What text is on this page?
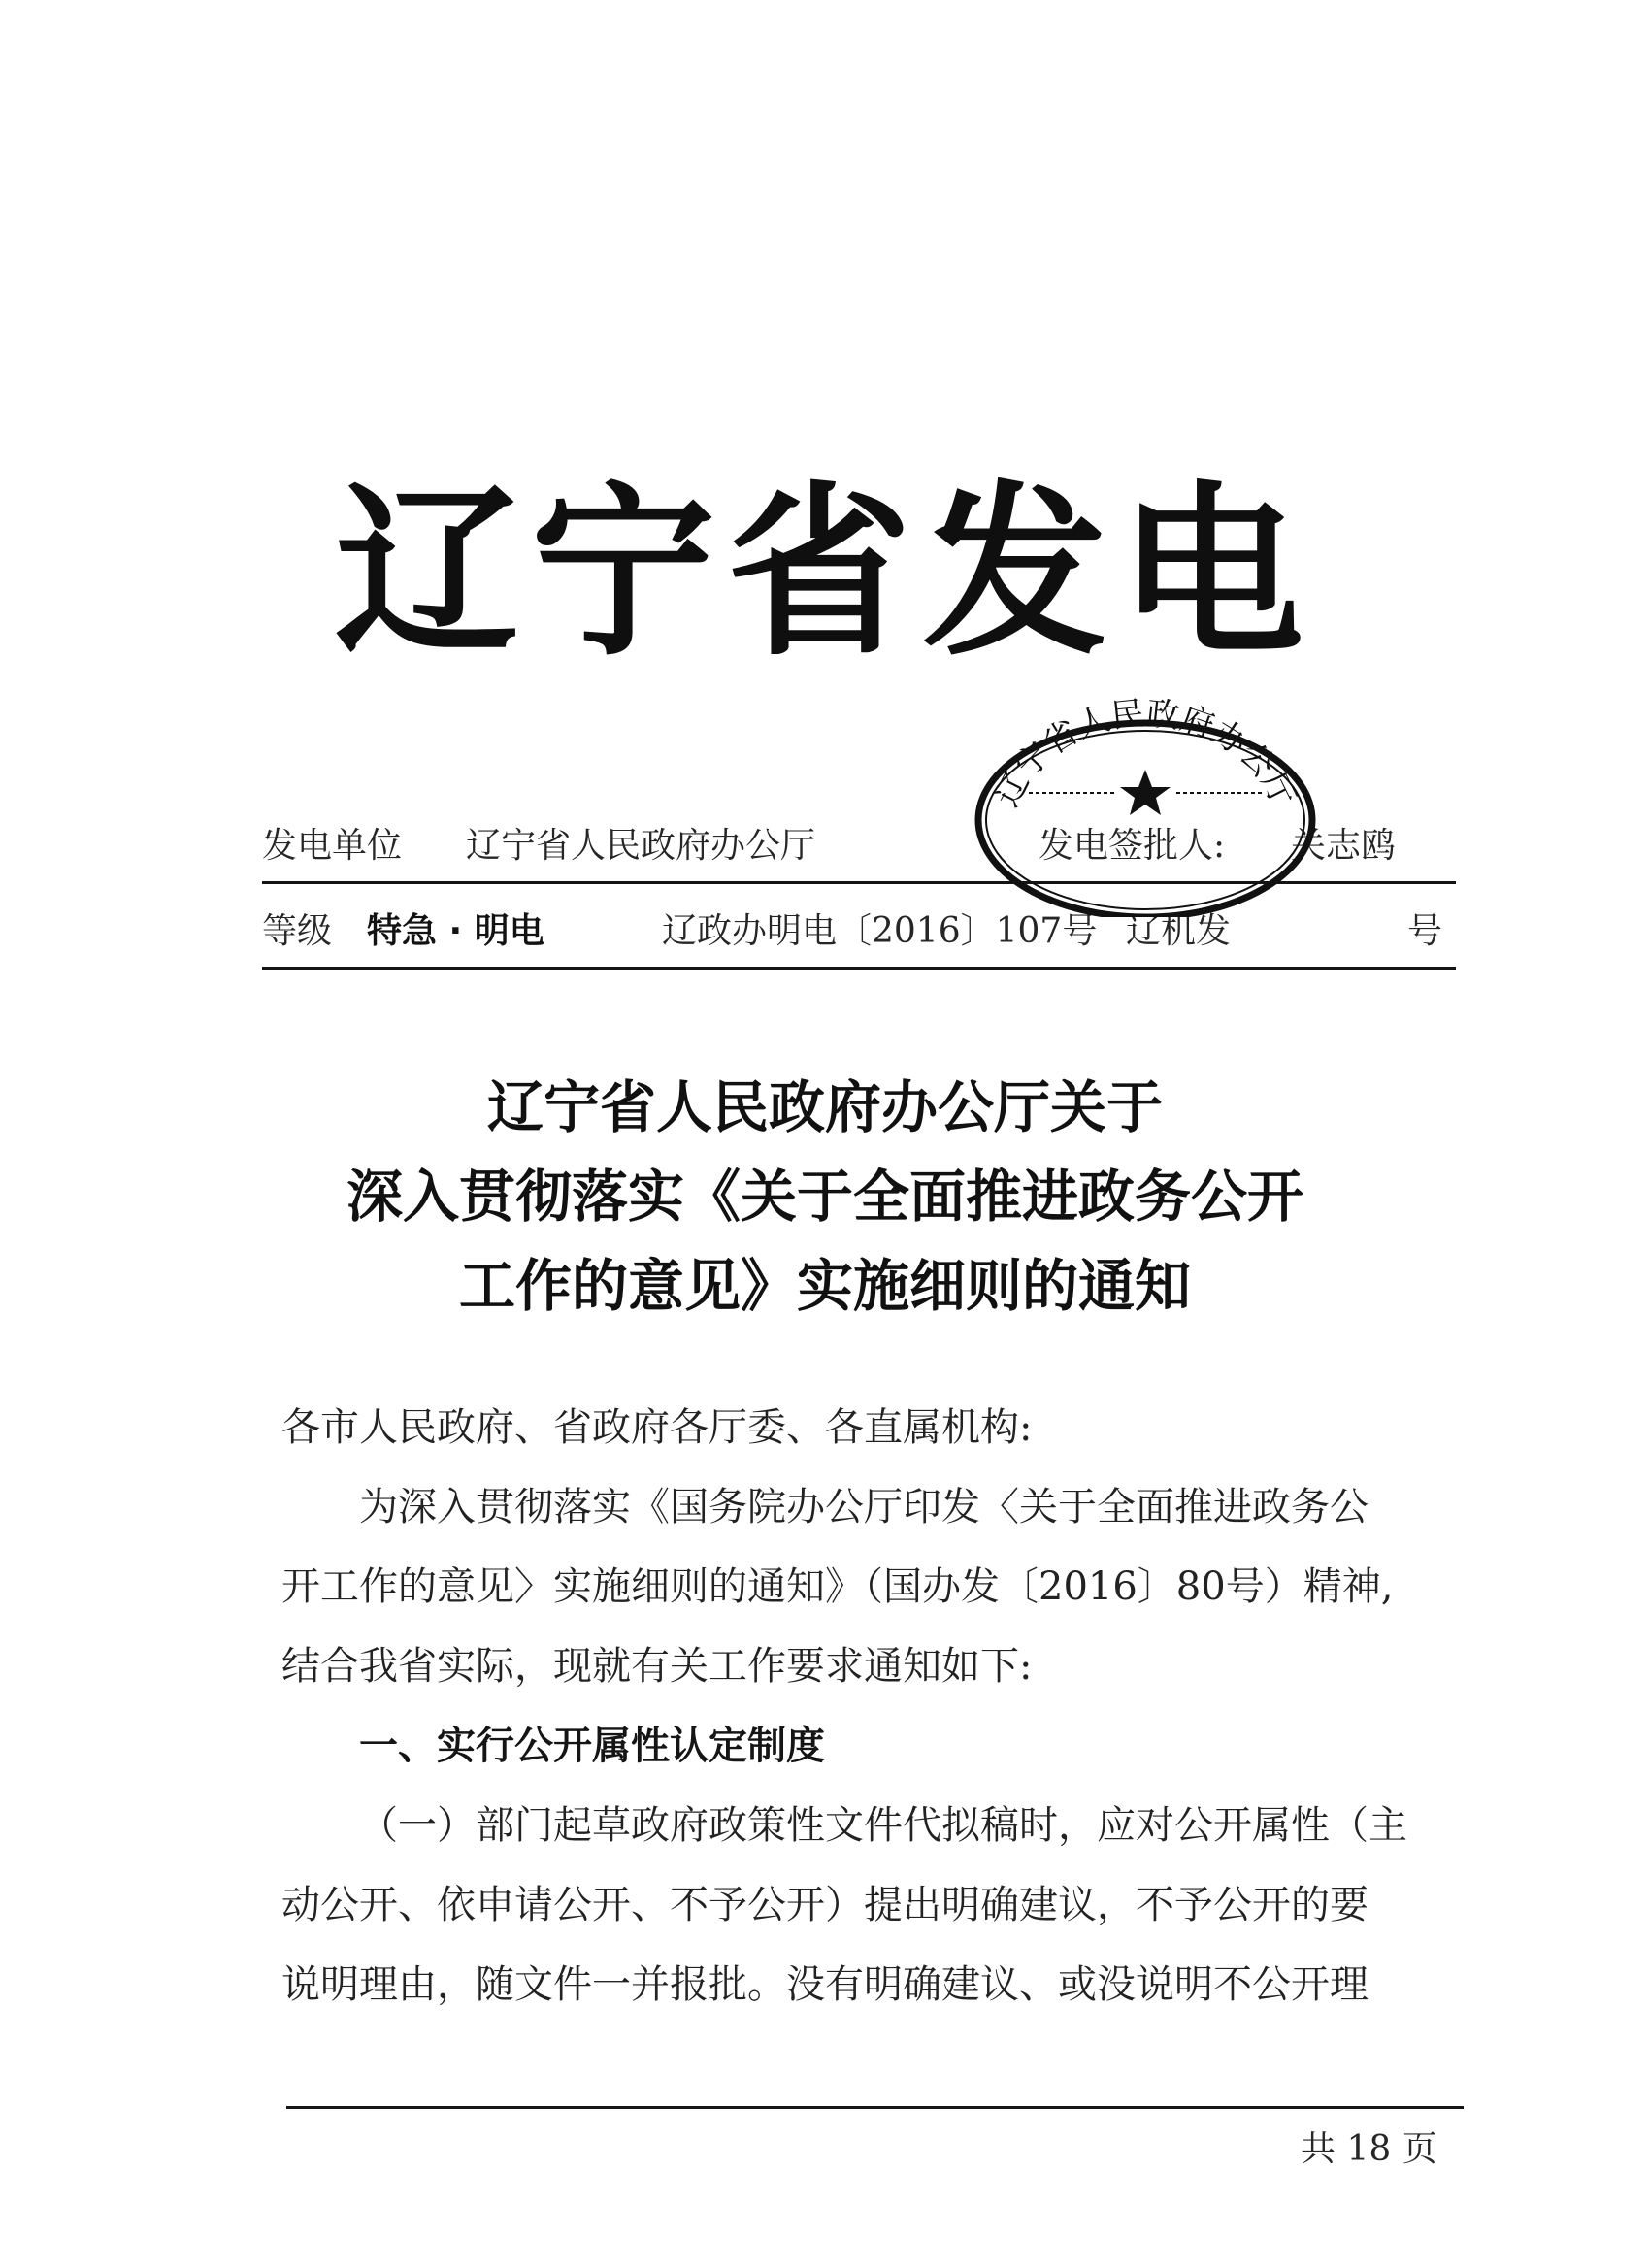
辽宁省发电
发电单位 辽宁省人民政府办公厅	发电签批人: 关志鸥
等级 特急 · 明电	辽政办明电〔2016〕107号 辽机发	号
辽宁省人民政府办公厅
辽宁省人民政府办公厅关于
深入贯彻落实《关于全面推进政务公开
工作的意见》实施细则的通知
各市人民政府、省政府各厅委、各直属机构:
为深入贯彻落实《国务院办公厅印发〈关于全面推进政务公
开工作的意见〉实施细则的通知》（国办发〔2016〕80号）精神,
结合我省实际，现就有关工作要求通知如下:
一、实行公开属性认定制度
（一）部门起草政府政策性文件代拟稿时，应对公开属性（主
动公开、依申请公开、不予公开）提出明确建议，不予公开的要
说明理由，随文件一并报批。没有明确建议、或没说明不公开理
共 18 页
